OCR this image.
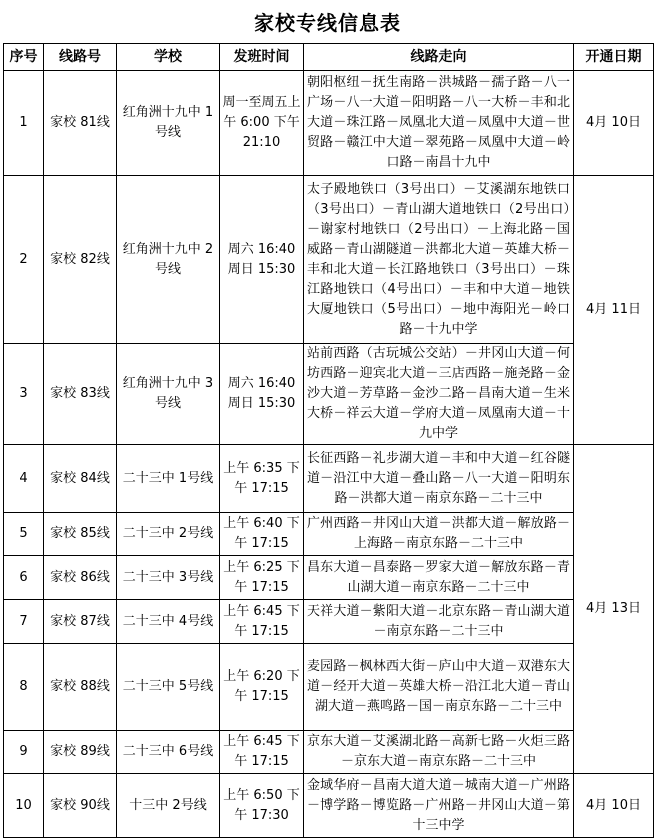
家校专线信息表
序号	线路号	学校	发班时间	线路走向	开通日期
1	家校 81线	红角洲十九中 1号线	周一至周五上午 6:00 下午 21:10	朝阳枢纽－抚生南路－洪城路－孺子路－八一广场－八一大道－阳明路－八一大桥－丰和北大道－珠江路－凤凰北大道－凤凰中大道－世贸路－赣江中大道－翠苑路－凤凰中大道－岭口路－南昌十九中	4月 10日
2	家校 82线	红角洲十九中 2号线	周六 16:40 周日 15:30	太子殿地铁口（3号出口）－艾溪湖东地铁口（3号出口）－青山湖大道地铁口（2号出口）－谢家村地铁口（2号出口）－上海北路－国威路－青山湖隧道－洪都北大道－英雄大桥－丰和北大道－长江路地铁口（3号出口）－珠江路地铁口（4号出口）－丰和中大道－地铁大厦地铁口（5号出口）－地中海阳光－岭口路－十九中学	4月 11日
3	家校 83线	红角洲十九中 3号线	周六 16:40 周日 15:30	站前西路（古玩城公交站）－井冈山大道－何坊西路－迎宾北大道－三店西路－施尧路－金沙大道－芳草路－金沙二路－昌南大道－生米大桥－祥云大道－学府大道－凤凰南大道－十九中学	
4	家校 84线	二十三中 1号线	上午 6:35 下午 17:15	长征西路－礼步湖大道－丰和中大道－红谷隧道－沿江中大道－叠山路－八一大道－阳明东路－洪都大道－南京东路－二十三中	4月 13日
5	家校 85线	二十三中 2号线	上午 6:40 下午 17:15	广州西路－井冈山大道－洪都大道－解放路－上海路－南京东路－二十三中	
6	家校 86线	二十三中 3号线	上午 6:25 下午 17:15	昌东大道－昌泰路－罗家大道－解放东路－青山湖大道－南京东路－二十三中	
7	家校 87线	二十三中 4号线	上午 6:45 下午 17:15	天祥大道－紫阳大道－北京东路－青山湖大道－南京东路－二十三中	
8	家校 88线	二十三中 5号线	上午 6:20 下午 17:15	麦园路－枫林西大街－庐山中大道－双港东大道－经开大道－英雄大桥－沿江北大道－青山湖大道－燕鸣路－国－南京东路－二十三中	
9	家校 89线	二十三中 6号线	上午 6:45 下午 17:15	京东大道－艾溪湖北路－高新七路－火炬三路－京东大道－南京东路－二十三中	
10	家校 90线	十三中 2号线	上午 6:50 下午 17:30	金域华府－昌南大道大道－城南大道－广州路－博学路－博览路－广州路－井冈山大道－第十三中学	4月 10日
